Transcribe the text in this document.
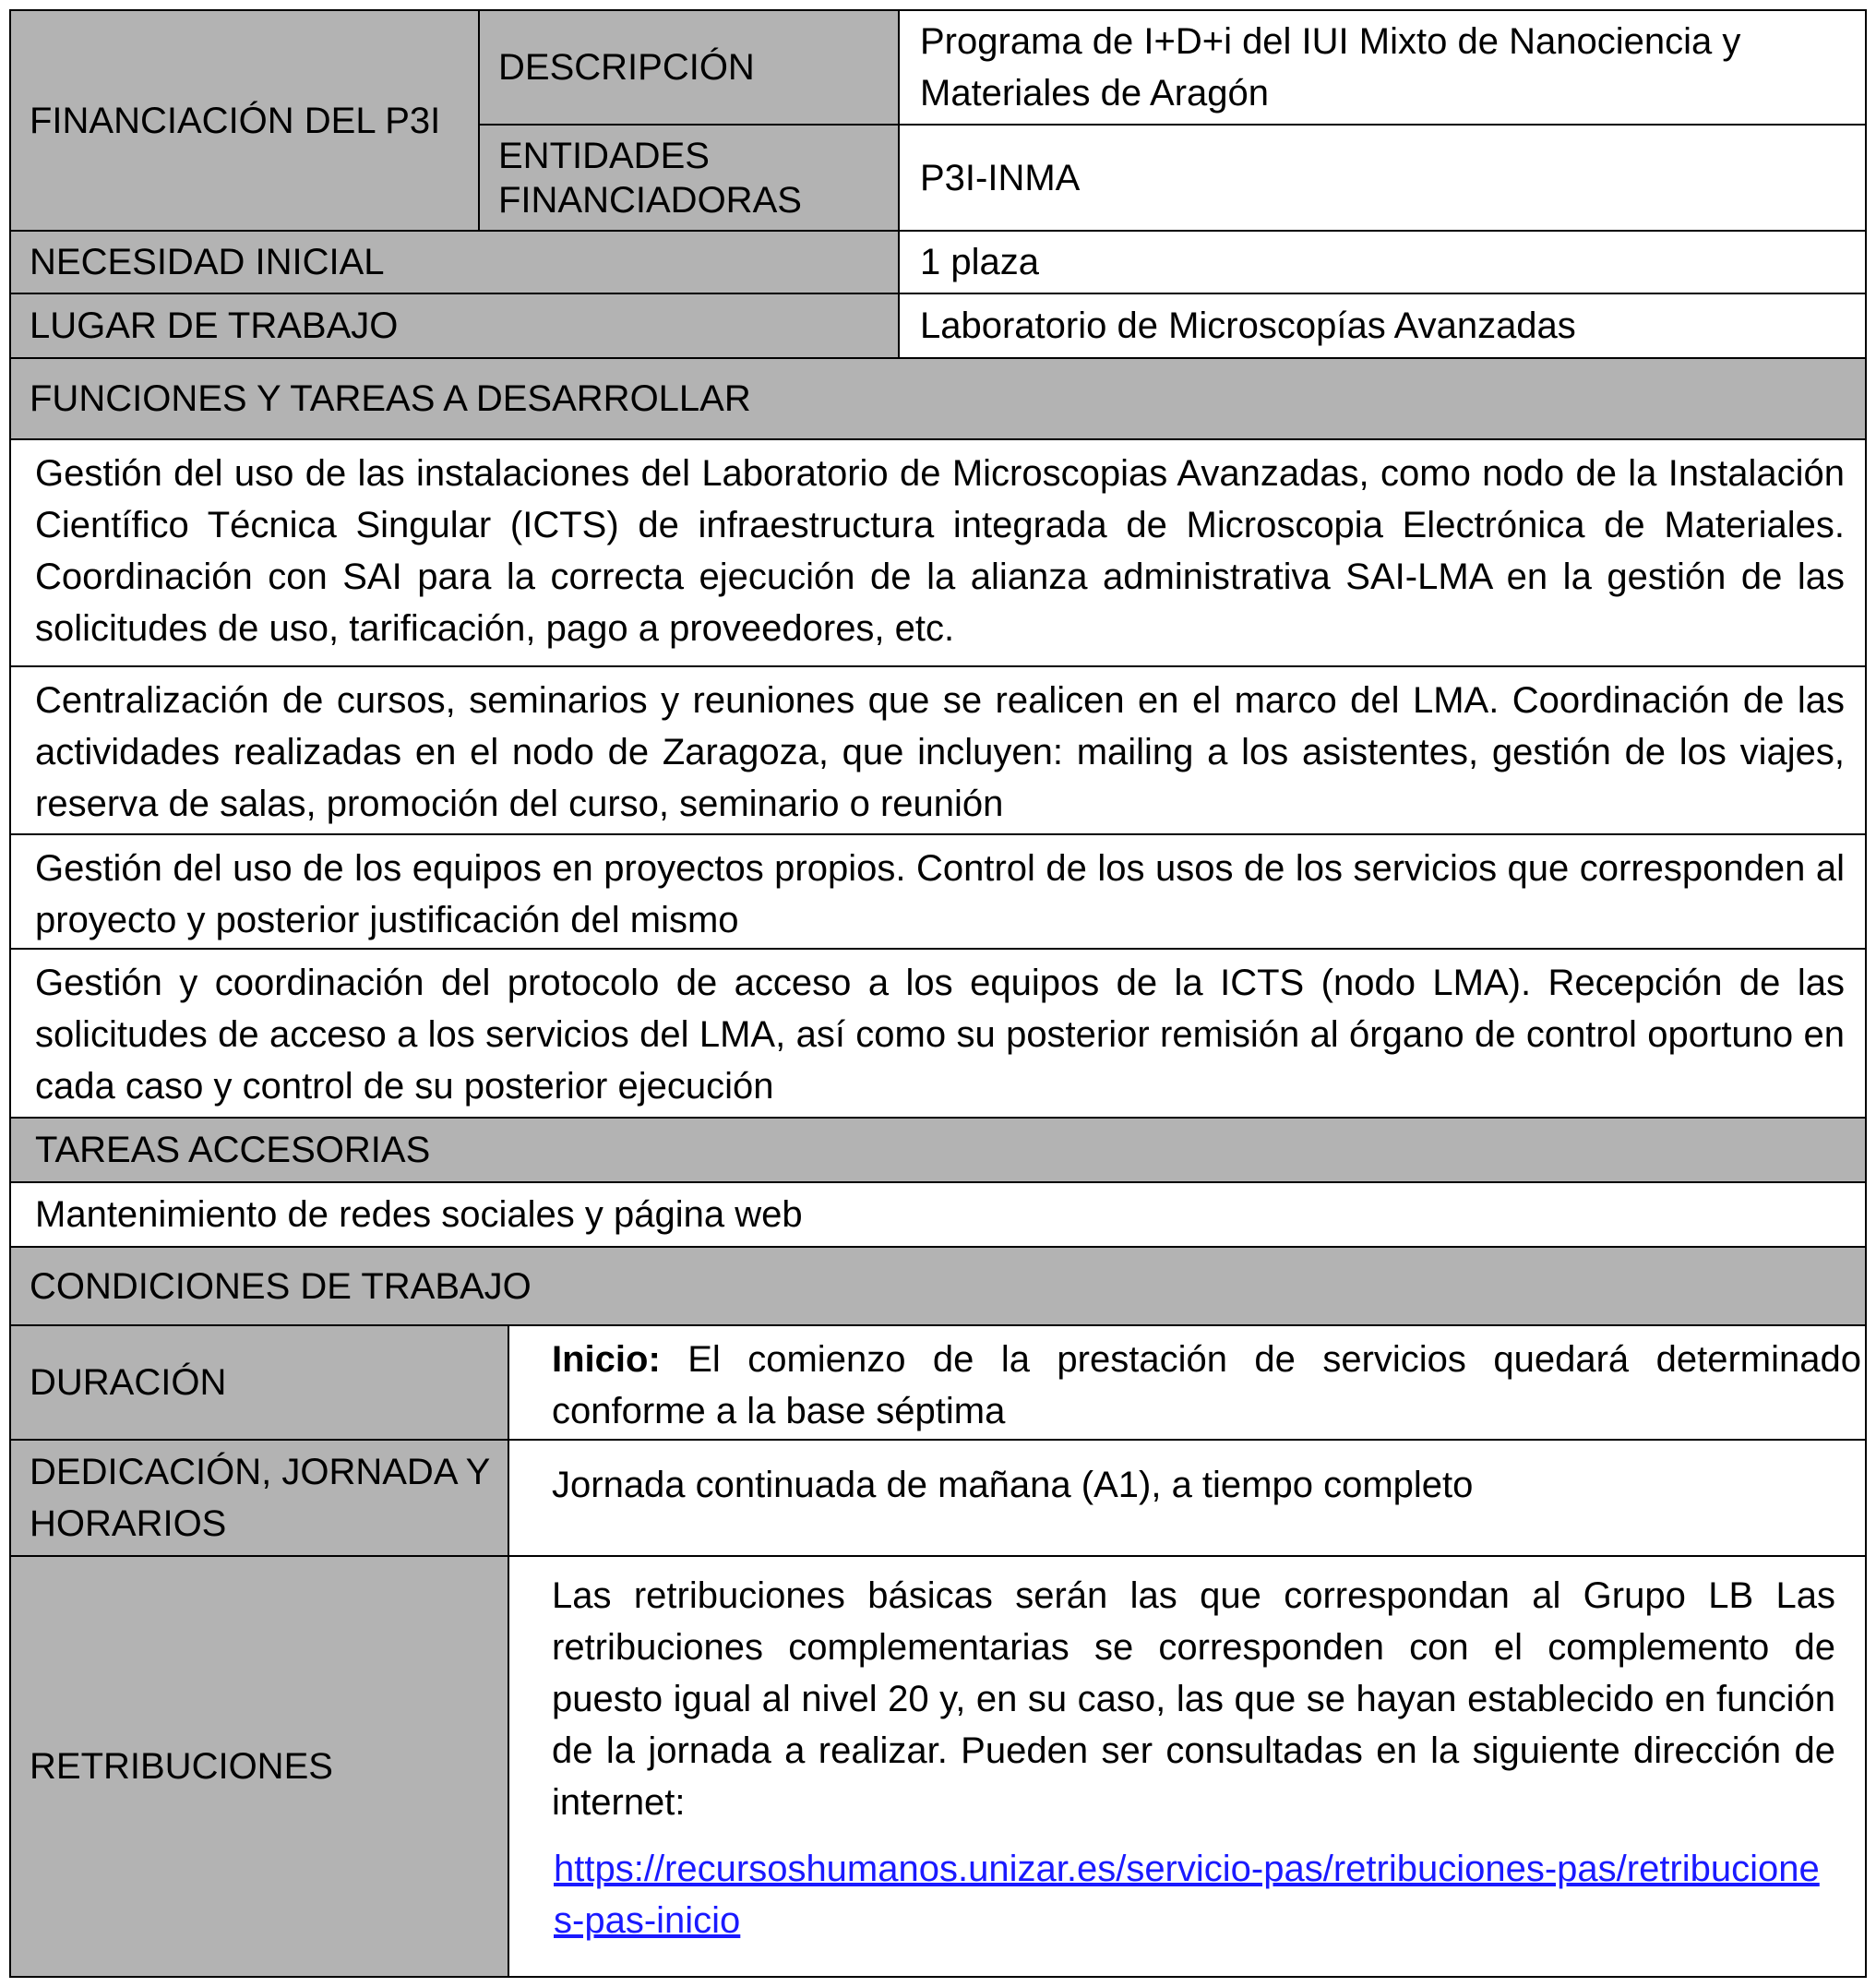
FINANCIACIÓN DEL P3I
DESCRIPCIÓN
Programa de I+D+i del IUI Mixto de Nanociencia y Materiales de Aragón
ENTIDADES FINANCIADORAS
P3I-INMA
NECESIDAD INICIAL	1 plaza
LUGAR DE TRABAJO	Laboratorio de Microscopías Avanzadas
FUNCIONES Y TAREAS A DESARROLLAR
Gestión del uso de las instalaciones del Laboratorio de Microscopias Avanzadas, como nodo de la Instalación Científico Técnica Singular (ICTS) de infraestructura integrada de Microscopia Electrónica de Materiales. Coordinación con SAI para la correcta ejecución de la alianza administrativa SAI-LMA en la gestión de las solicitudes de uso, tarificación, pago a proveedores, etc.
Centralización de cursos, seminarios y reuniones que se realicen en el marco del LMA. Coordinación de las actividades realizadas en el nodo de Zaragoza, que incluyen: mailing a los asistentes, gestión de los viajes, reserva de salas, promoción del curso, seminario o reunión
Gestión del uso de los equipos en proyectos propios. Control de los usos de los servicios que corresponden al proyecto y posterior justificación del mismo
Gestión y coordinación del protocolo de acceso a los equipos de la ICTS (nodo LMA). Recepción de las solicitudes de acceso a los servicios del LMA, así como su posterior remisión al órgano de control oportuno en cada caso y control de su posterior ejecución
TAREAS ACCESORIAS
Mantenimiento de redes sociales y página web
CONDICIONES DE TRABAJO
DURACIÓN
Inicio: El comienzo de la prestación de servicios quedará determinado conforme a la base séptima
DEDICACIÓN, JORNADA Y HORARIOS
Jornada continuada de mañana (A1), a tiempo completo
RETRIBUCIONES

Las retribuciones básicas serán las que correspondan al Grupo LB Las retribuciones complementarias se corresponden con el complemento de puesto igual al nivel 20 y, en su caso, las que se hayan establecido en función de la jornada a realizar. Pueden ser consultadas en la siguiente dirección de internet:

https://recursoshumanos.unizar.es/servicio-pas/retribuciones-pas/retribuciones-pas-inicio
